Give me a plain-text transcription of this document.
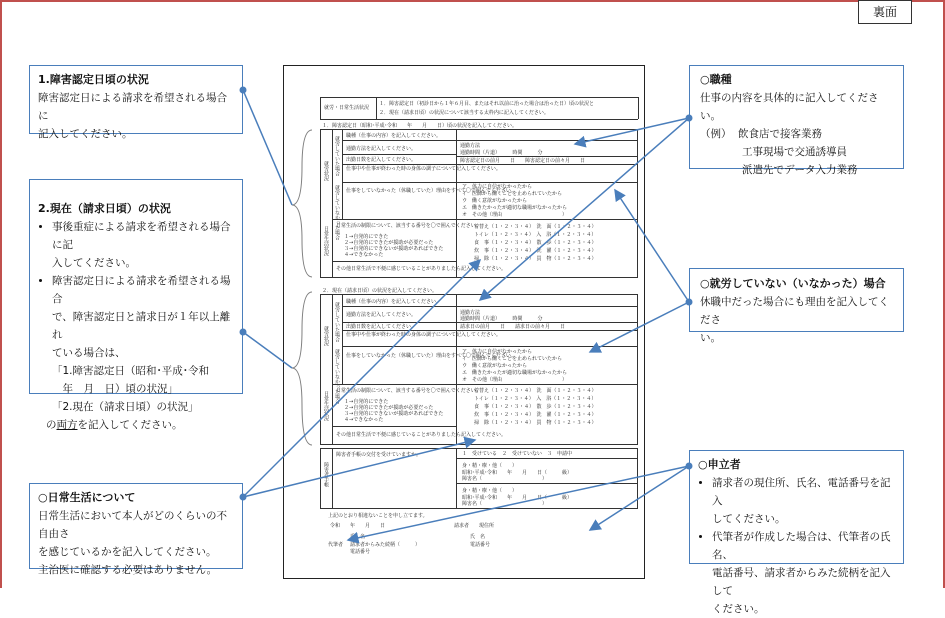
裏面
1.障害認定日頃の状況
障害認定日による請求を希望される場合に
記入してください。
2.現在（請求日頃）の状況
• 事後重症による請求を希望される場合に記
入してください。
• 障害認定日による請求を希望される場合
で、障害認定日と請求日が１年以上離れ
ている場合は、
「1.障害認定日（昭和･平成･令和
　年　月　日）頃の状況」
「2.現在（請求日頃）の状況」
の両方を記入してください。
○日常生活について
日常生活において本人がどのくらいの不自由さ
を感じているかを記入してください。
主治医に確認する必要はありません。
○職種
仕事の内容を具体的に記入してください。
（例） 飲食店で接客業務
工事現場で交通誘導員
派遣先でデータ入力業務
○就労していない（いなかった）場合
休職中だった場合にも理由を記入してくださ
い。
○申立者
• 請求者の現住所、氏名、電話番号を記入
してください。
• 代筆者が作成した場合は、代筆者の氏名、
電話番号、請求者からみた続柄を記入して
ください。
就労・日常生活状況
１．障害認定日（初診日から１年６月目、またはそれ以前に治った場合は治った日）頃の状況と
２．現在（請求日頃）の状況について該当する太枠内に記入してください。
１．障害認定日（昭和･平成･令和　　年　　月　　日）頃の状況を記入してください。
就労状況 就労していた場合
就労していなかった場合
日常生活状況
職種（仕事の内容）を記入してください。
通勤方法を記入してください。
出勤日数を記入してください。
仕事中や仕事が終わった時の身体の調子について記入してください。
通勤方法
通勤時間（片道）　　　時間　　　分
障害認定日の前月　　日　　障害認定日の前々月　　日
仕事をしていなかった（休職していた）理由をすべて〇で囲んでください。
ア　体力に自信がなかったから
イ　医師から働くことを止められていたから
ウ　働く意欲がなかったから
エ　働きたかったが適切な職場がなかったから
オ　その他（理由　　　　　　　　　　　　）
日常生活の制限について、該当する番号を〇で囲んでください。
１→自発的にできた
２→自発的にできたが援助が必要だった
３→自発的にできないが援助があればできた
４→できなかった
着替え（１・２・３・４）　洗　面（１・２・３・４）
トイレ（１・２・３・４）　入　浴（１・２・３・４）
食　事（１・２・３・４）　散　歩（１・２・３・４）
炊　事（１・２・３・４）　洗　濯（１・２・３・４）
掃　除（１・２・３・４）　買　物（１・２・３・４）
その他日常生活で不便に感じていることがありましたら記入してください。
２．現在（請求日頃）の状況を記入してください。
就労状況 就労していた場合
就労していなかった場合
日常生活状況
職種（仕事の内容）を記入してください。
通勤方法を記入してください。
出勤日数を記入してください。
仕事中や仕事が終わった時の身体の調子について記入してください。
通勤方法
通勤時間（片道）　　　時間　　　分
請求日の前月　　日　　請求日の前々月　　日
仕事をしていなかった（休職していた）理由をすべて〇で囲んでください。
ア　体力に自信がなかったから
イ　医師から働くことを止められていたから
ウ　働く意欲がなかったから
エ　働きたかったが適切な職場がなかったから
オ　その他（理由　　　　　　　　　　　　）
日常生活の制限について、該当する番号を〇で囲んでください。
１→自発的にできた
２→自発的にできたが援助が必要だった
３→自発的にできないが援助があればできた
４→できなかった
着替え（１・２・３・４）　洗　面（１・２・３・４）
トイレ（１・２・３・４）　入　浴（１・２・３・４）
食　事（１・２・３・４）　散　歩（１・２・３・４）
炊　事（１・２・３・４）　洗　濯（１・２・３・４）
掃　除（１・２・３・４）　買　物（１・２・３・４）
その他日常生活で不便に感じていることがありましたら記入してください。
障害者手帳
障害者手帳の交付を受けていますか。	１　受けている　２　受けていない　３　申請中
身・精・療・他（　　）
昭和･平成･令和　　年　　月　　日（　　　級）
障害名（　　　　　　　　　　　　）
身・精・療・他（　　）
昭和･平成･令和　　年　　月　　日（　　　級）
障害名（　　　　　　　　　　　　）
上記のとおり相違ないことを申し立てます。
令和　　年　　月　　日	請求者　　現住所
氏　名
電話番号
代筆者
氏　名
請求者からみた続柄（　　　）
電話番号
